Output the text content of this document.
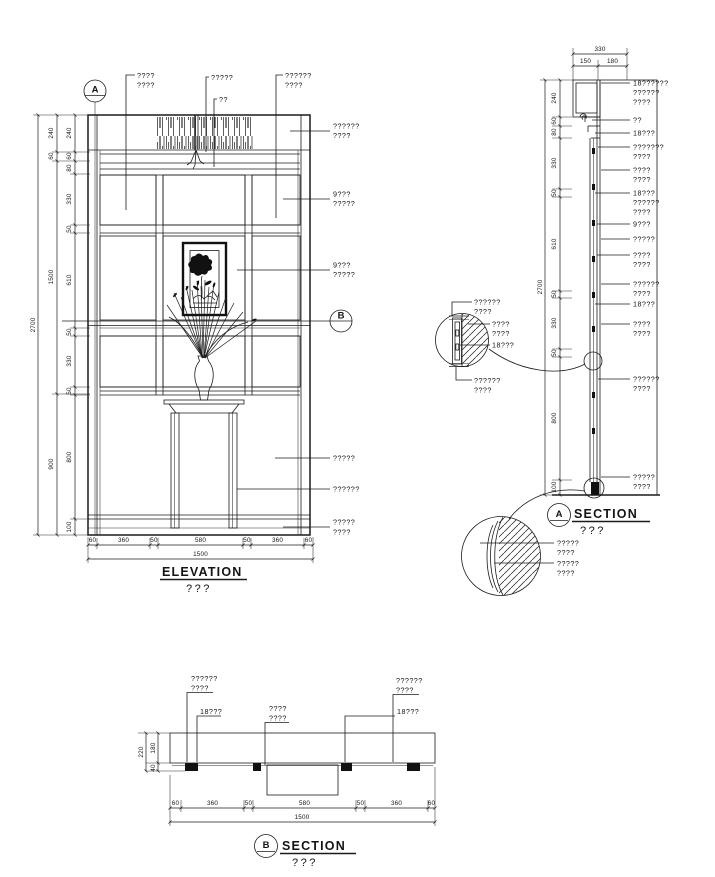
2700
240
60
1500
900
240
60
80
330
50
610
50
330
50
800
100
60	360	50	580	50	360	60
1500
????
????
?????
??
??????
????
??????
????
9???
?????
9???
?????
?????
??????
?????
????
A
B
ELEVATION
???
330
150	180
2700
240
60
80
330
50
610
50
330
50
800
100
18??????
??????
????
??
18???
???????
????
????
????
18???
??????
????
9???
?????
????
????
??????
????
18???
????
????
??????
????
?????
????
A SECTION
???
??????
????
????
????
18???
??????
????
?????
????
?????
????
??????
????
18???	????
????
??????
????
18???
220 180
40
60	360	50	580	50	360	60
1500
B SECTION
???
